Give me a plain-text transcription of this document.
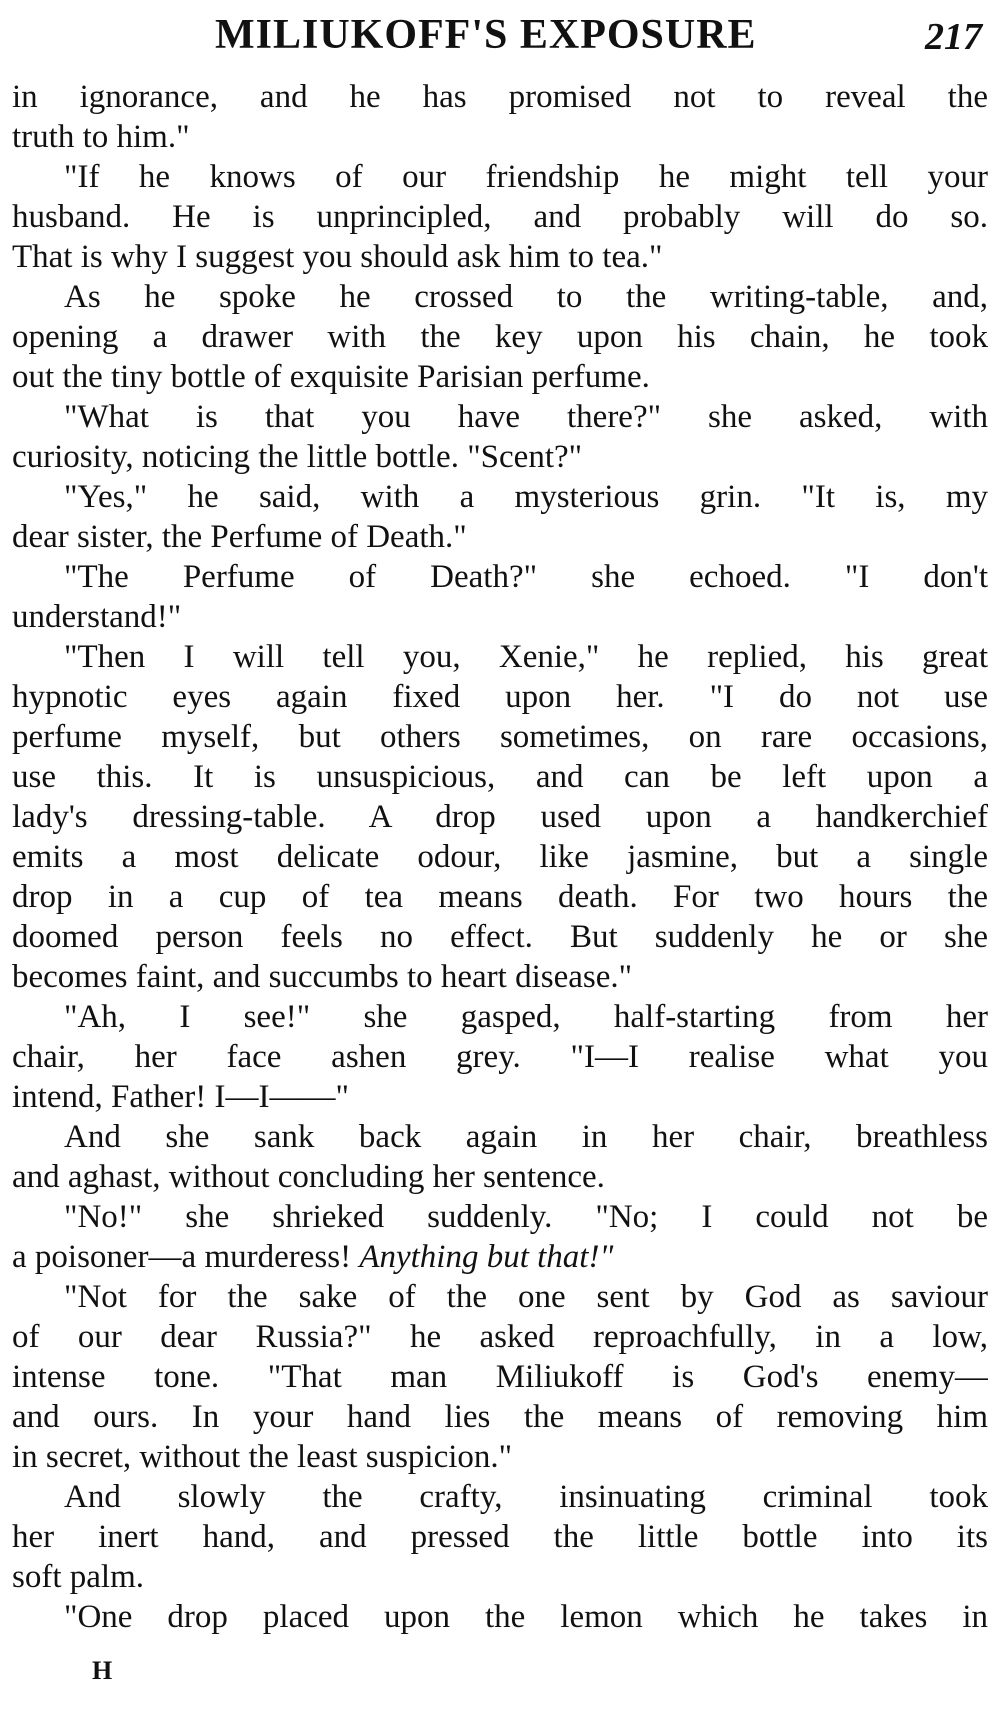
MILIUKOFF'S EXPOSURE	217
in ignorance, and he has promised not to reveal the
truth to him."
"If he knows of our friendship he might tell your
husband. He is unprincipled, and probably will do so.
That is why I suggest you should ask him to tea."
As he spoke he crossed to the writing-table, and,
opening a drawer with the key upon his chain, he took
out the tiny bottle of exquisite Parisian perfume.
"What is that you have there?" she asked, with
curiosity, noticing the little bottle. "Scent?"
"Yes," he said, with a mysterious grin. "It is, my
dear sister, the Perfume of Death."
"The Perfume of Death?" she echoed. "I don't
understand!"
"Then I will tell you, Xenie," he replied, his great
hypnotic eyes again fixed upon her. "I do not use
perfume myself, but others sometimes, on rare occasions,
use this. It is unsuspicious, and can be left upon a
lady's dressing-table. A drop used upon a handkerchief
emits a most delicate odour, like jasmine, but a single
drop in a cup of tea means death. For two hours the
doomed person feels no effect. But suddenly he or she
becomes faint, and succumbs to heart disease."
"Ah, I see!" she gasped, half-starting from her
chair, her face ashen grey. "I—I realise what you
intend, Father! I—I——"
And she sank back again in her chair, breathless
and aghast, without concluding her sentence.
"No!" she shrieked suddenly. "No; I could not be
a poisoner—a murderess! Anything but that!"
"Not for the sake of the one sent by God as saviour
of our dear Russia?" he asked reproachfully, in a low,
intense tone. "That man Miliukoff is God's enemy—
and ours. In your hand lies the means of removing him
in secret, without the least suspicion."
And slowly the crafty, insinuating criminal took
her inert hand, and pressed the little bottle into its
soft palm.
"One drop placed upon the lemon which he takes in
H
